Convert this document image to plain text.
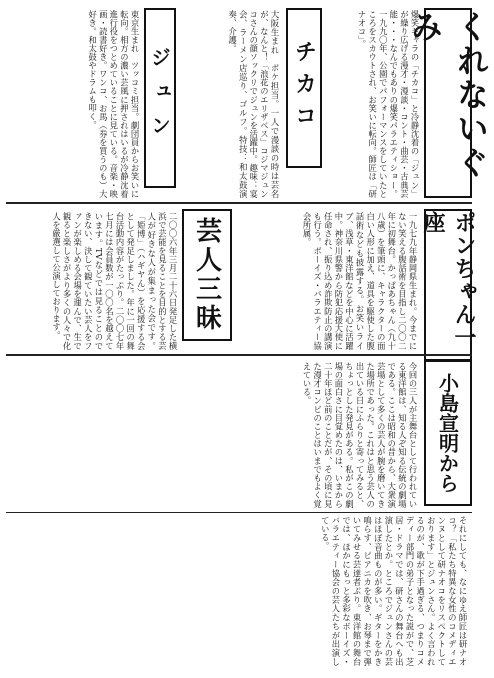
くれないぐみ
爆笑キャラの「チカコ」と冷静沈着の「ジュン」が繰り広げる漫才・漫談・コント・曲芸・古典芸能・・・なんでもありの爆笑パラエティショー。一九九〇年、公園でパフォーマンスをしていたところをスカウトされ、お笑いに転向。師匠は「研ナオコ」。
チカコ
大阪生まれ　ボケ担当。一人で漫談の時は芸名が、なんと！「浪花のエリザベス」コジマジュンコさんの顔ソックリでジュンを活躍中。趣味：宴会、ラーメン店巡り、ゴルフ。特技：和太鼓演奏、介護。
ジュン
東京生まれ　ツッコミ担当。劇団員からお笑いに転向。相方の濃い芸風に押されはいるが冷静沈着進行役をつとめていることに見ている。音楽・映画・読書好き。ワンコ、お馬（券を買うのも）大好き。和太鼓やドラムも叩く。
ポンちゃん一座
一九七九年静岡県生まれ。今までにない笑える腹話術を目指し二〇〇二年に初舞台。かっぱあちゃん（九十八歳）を筆頭に、キャラクターの面白い人形に加え、道具を駆使した腹話術なども披露する。お笑いライブ、浅草・東洋館などを中心に活躍中。神奈川県警から防犯応援大使に任命され、振り込め詐欺防止の講演も行う。ボーイズ・バラエティー協会所属。
芸人三昧
二〇〇六年三月二十六日発足した横浜で芸能を見ることを目的とする芸人が好きな人が集まった会です。「姫博」（ハギヤん）を応援する会として発足しました。年に一回の舞台活動内容がたっぷり。二〇〇七年七月には会員数が一〇〇名を越えています。TVなどでは見ることのできない、決して観ていたい芸人をファンが楽しめる会場を運んで、生で観ると楽しさがより多くの人々で化人を厳選して公演しております。
小島宣明から
今回の三人が主舞台として行われている東洋館は、知る人ぞ知る伝統の劇場である。ここは昭和の昔から、大衆演芸場として多くの芸人が腕を磨いてきた場所であった。これはと思う芸人の出ている日にふらりと寄ってみると、ちょっとした発見がある。私がこの劇場の面白さに目覚めたのは、いまから二十年ほど前のことだが、その頃に見た漫才コンビのことはいまでもよく覚えている。
それにしても、なにゆえ師匠は研ナオコ？「私たち特異な女性のコメディエンヌとして研ナオコをリスペクトしております」とジュンさん。よく言われるのが、歌が下手過ぎる、つまりコメディー部門の弟子となった説がで、芝居・ドラマでは、研さんの舞台へも出演したとか。ところでジュンさんの芸はほぼ音曲ものが多い。ギターをかき鳴らす、ピアニカを吹き、お琴まで弾いてみせる芸達者ぶり。東洋館の舞台では、ほかにもっと多彩なボーイズ・バラエティー協会の芸人たちが出演している。
